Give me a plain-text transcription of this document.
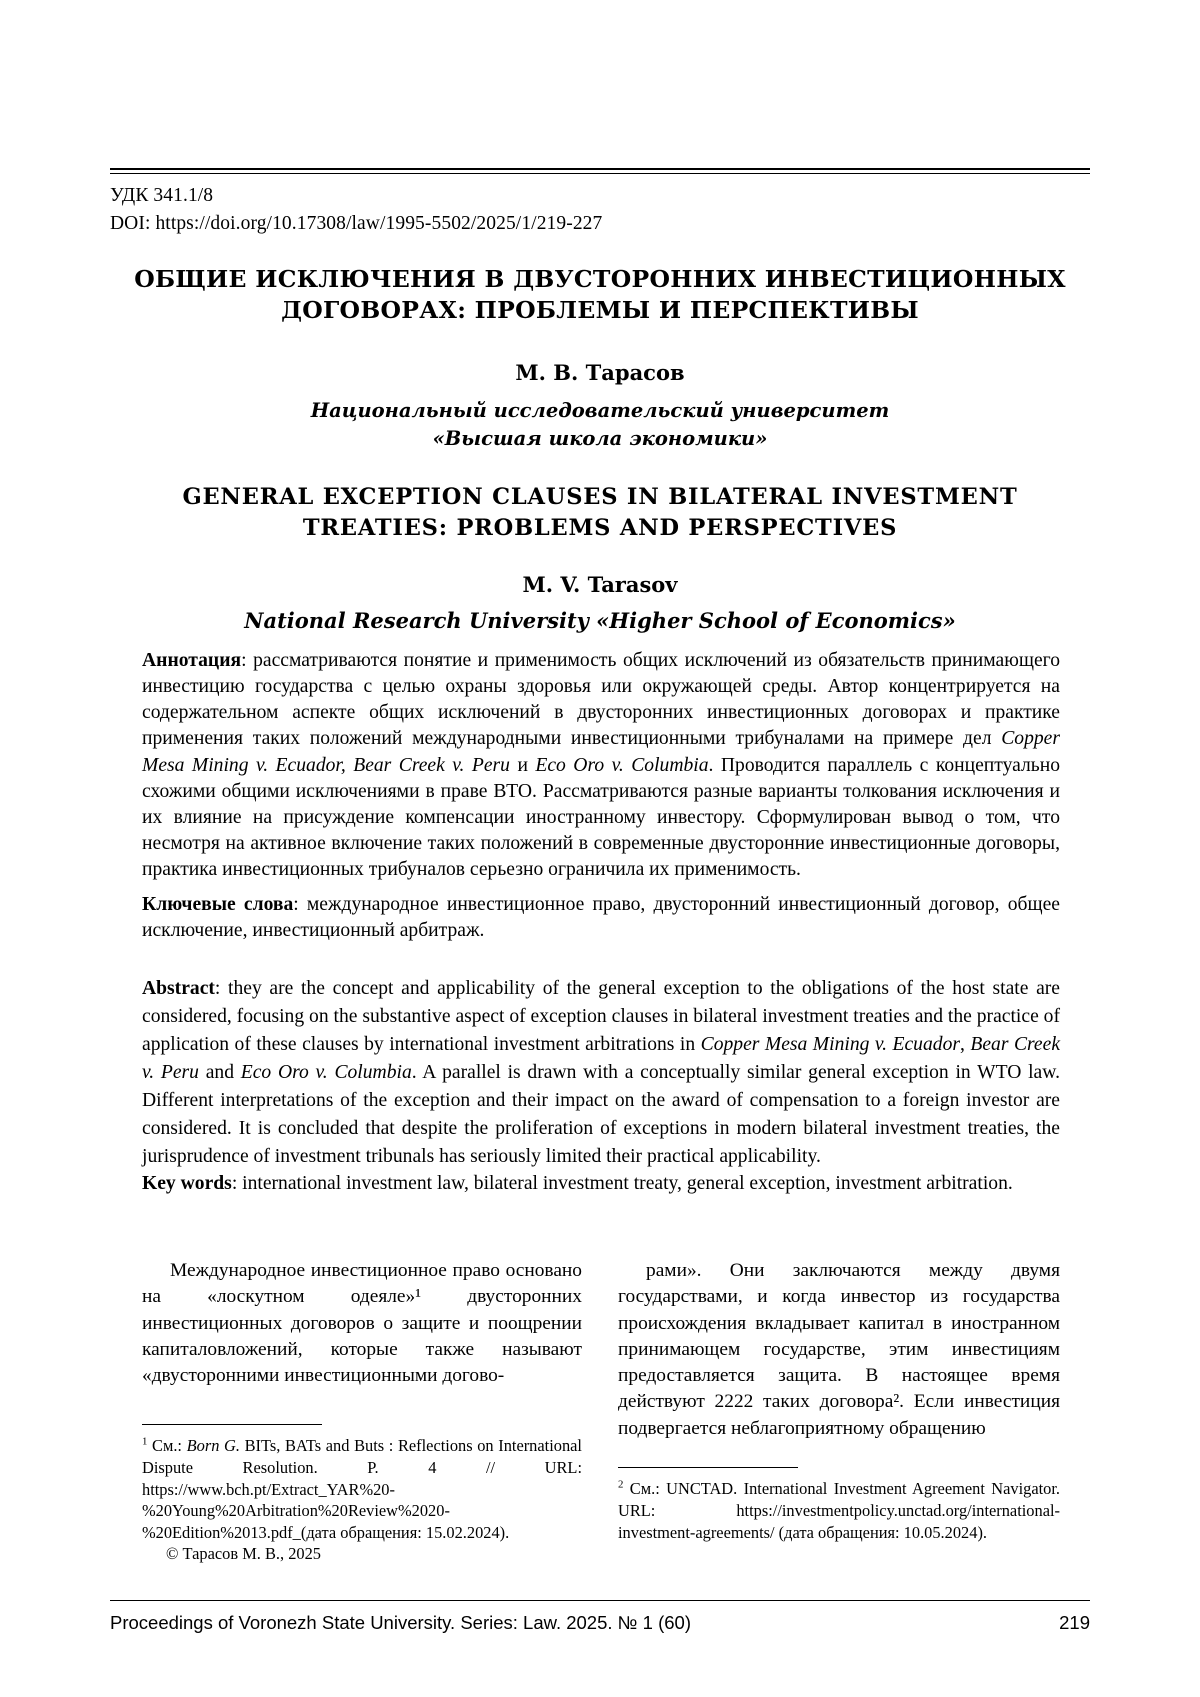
УДК 341.1/8
DOI: https://doi.org/10.17308/law/1995-5502/2025/1/219-227
ОБЩИЕ ИСКЛЮЧЕНИЯ В ДВУСТОРОННИХ ИНВЕСТИЦИОННЫХ ДОГОВОРАХ: ПРОБЛЕМЫ И ПЕРСПЕКТИВЫ
М. В. Тарасов
Национальный исследовательский университет
«Высшая школа экономики»
GENERAL EXCEPTION CLAUSES IN BILATERAL INVESTMENT TREATIES: PROBLEMS AND PERSPECTIVES
M. V. Tarasov
National Research University «Higher School of Economics»
Аннотация: рассматриваются понятие и применимость общих исключений из обязательств принимающего инвестицию государства с целью охраны здоровья или окружающей среды. Автор концентрируется на содержательном аспекте общих исключений в двусторонних инвестиционных договорах и практике применения таких положений международными инвестиционными трибуналами на примере дел Copper Mesa Mining v. Ecuador, Bear Creek v. Peru и Eco Oro v. Columbia. Проводится параллель с концептуально схожими общими исключениями в праве ВТО. Рассматриваются разные варианты толкования исключения и их влияние на присуждение компенсации иностранному инвестору. Сформулирован вывод о том, что несмотря на активное включение таких положений в современные двусторонние инвестиционные договоры, практика инвестиционных трибуналов серьезно ограничила их применимость.
Ключевые слова: международное инвестиционное право, двусторонний инвестиционный договор, общее исключение, инвестиционный арбитраж.
Abstract: they are the concept and applicability of the general exception to the obligations of the host state are considered, focusing on the substantive aspect of exception clauses in bilateral investment treaties and the practice of application of these clauses by international investment arbitrations in Copper Mesa Mining v. Ecuador, Bear Creek v. Peru and Eco Oro v. Columbia. A parallel is drawn with a conceptually similar general exception in WTO law. Different interpretations of the exception and their impact on the award of compensation to a foreign investor are considered. It is concluded that despite the proliferation of exceptions in modern bilateral investment treaties, the jurisprudence of investment tribunals has seriously limited their practical applicability.
Key words: international investment law, bilateral investment treaty, general exception, investment arbitration.

Международное инвестиционное право основано на «лоскутном одеяле»¹ двусторонних инвестиционных договоров о защите и поощрении капиталовложений, которые также называют «двусторонними инвестиционными догово-

рами». Они заключаются между двумя государствами, и когда инвестор из государства происхождения вкладывает капитал в иностранном принимающем государстве, этим инвестициям предоставляется защита. В настоящее время действуют 2222 таких договора². Если инвестиция подвергается неблагоприятному обращению

$^1$ См.: Born G. BITs, BATs and Buts : Reflections on International Dispute Resolution. P. 4 // URL: https://www.bch.pt/Extract_YAR%20-%20Young%20Arbitration%20Review%2020-%20Edition%2013.pdf_(дата обращения: 15.02.2024).
© Тарасов М. В., 2025
$^2$ См.: UNCTAD. International Investment Agreement Navigator. URL: https://investmentpolicy.unctad.org/international-investment-agreements/ (дата обращения: 10.05.2024).
Proceedings of Voronezh State University. Series: Law. 2025. № 1 (60)	219
